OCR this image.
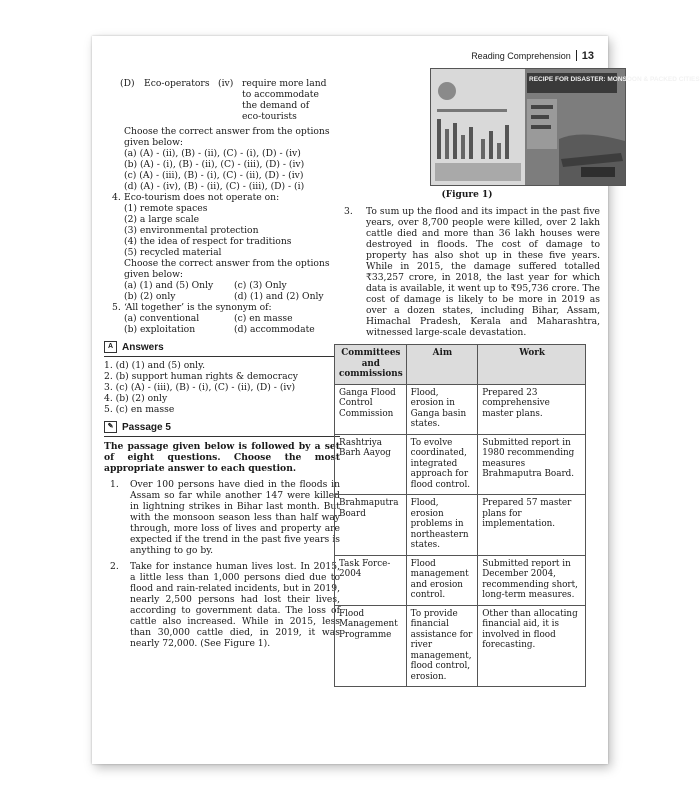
Reading Comprehension 13
(D)	Eco-operators (iv) require more land to accommodate the demand of eco-tourists

Choose the correct answer from the options given below:

(a) (A) - (ii), (B) - (ii), (C) - (i), (D) - (iv)

(b) (A) - (i), (B) - (ii), (C) - (iii), (D) - (iv)

(c) (A) - (iii), (B) - (i), (C) - (ii), (D) - (iv)

(d) (A) - (iv), (B) - (ii), (C) - (iii), (D) - (i)

4. Eco-tourism does not operate on:

(1) remote spaces

(2) a large scale

(3) environmental protection

(4) the idea of respect for traditions

(5) recycled material

Choose the correct answer from the options given below:

(a) (1) and (5) Only	(c) (3) Only
(b) (2) only	(d) (1) and (2) Only
5. ‘All together’ is the synonym of:
(a) conventional	(c) en masse
(b) exploitation	(d) accommodate
A Answers

1. (d) (1) and (5) only.

2. (b) support human rights & democracy

3. (c) (A) - (iii), (B) - (i), (C) - (ii), (D) - (iv)

4. (b) (2) only

5. (c) en masse

✎ Passage 5

The passage given below is followed by a set of eight questions. Choose the most appropriate answer to each question.

1.	Over 100 persons have died in the floods in Assam so far while another 147 were killed in lightning strikes in Bihar last month. But with the monsoon season less than half way through, more loss of lives and property are expected if the trend in the past five years is anything to go by.
2.	Take for instance human lives lost. In 2015, a little less than 1,000 persons died due to flood and rain-related incidents, but in 2019, nearly 2,500 persons had lost their lives, according to government data. The loss of cattle also increased. While in 2015, less than 30,000 cattle died, in 2019, it was nearly 72,000. (See Figure 1).
RECIPE FOR DISASTER: MONSOON & PACKED CITIES

(Figure 1)

3.	To sum up the flood and its impact in the past five years, over 8,700 people were killed, over 2 lakh cattle died and more than 36 lakh houses were destroyed in floods. The cost of damage to property has also shot up in these five years. While in 2015, the damage suffered totalled ₹33,257 crore, in 2018, the last year for which data is available, it went up to ₹95,736 crore. The cost of damage is likely to be more in 2019 as over a dozen states, including Bihar, Assam, Himachal Pradesh, Kerala and Maharashtra, witnessed large-scale devastation.
Committees and commissions	Aim	Work
Ganga Flood Control Commission	Flood, erosion in Ganga basin states.	Prepared 23 comprehensive master plans.
Rashtriya Barh Aayog	To evolve coordinated, integrated approach for flood control.	Submitted report in 1980 recommending measures Brahmaputra Board.
Brahmaputra Board	Flood, erosion problems in northeastern states.	Prepared 57 master plans for implementation.
Task Force-2004	Flood management and erosion control.	Submitted report in December 2004, recommending short, long-term measures.
Flood Management Programme	To provide financial assistance for river management, flood control, erosion.	Other than allocating financial aid, it is involved in flood forecasting.
